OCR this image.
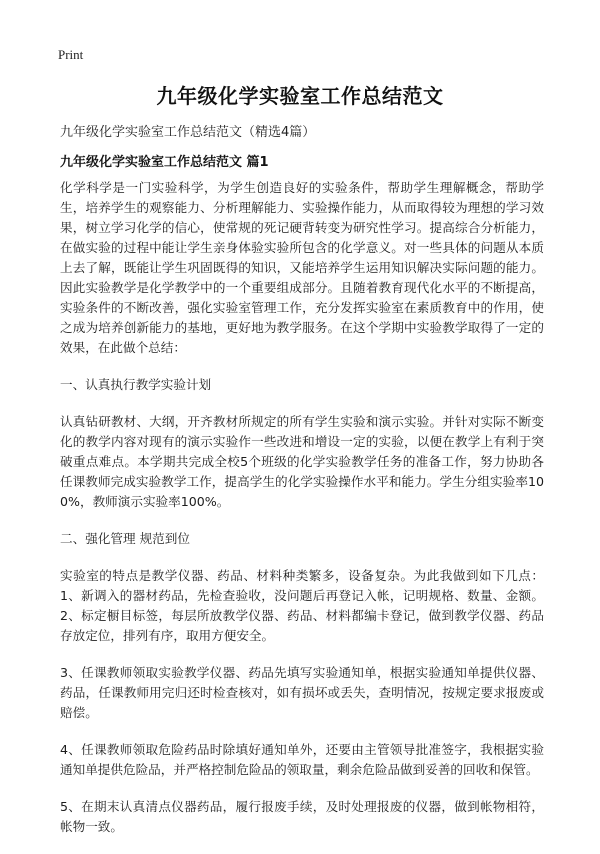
Print
九年级化学实验室工作总结范文

九年级化学实验室工作总结范文（精选4篇）

九年级化学实验室工作总结范文 篇1

化学科学是一门实验科学，为学生创造良好的实验条件，帮助学生理解概念，帮助学生，培养学生的观察能力、分析理解能力、实验操作能力，从而取得较为理想的学习效果，树立学习化学的信心，使常规的死记硬背转变为研究性学习。提高综合分析能力，在做实验的过程中能让学生亲身体验实验所包含的化学意义。对一些具体的问题从本质上去了解，既能让学生巩固既得的知识，又能培养学生运用知识解决实际问题的能力。因此实验教学是化学教学中的一个重要组成部分。且随着教育现代化水平的不断提高，实验条件的不断改善，强化实验室管理工作，充分发挥实验室在素质教育中的作用，使之成为培养创新能力的基地，更好地为教学服务。在这个学期中实验教学取得了一定的效果，在此做个总结：

一、认真执行教学实验计划

认真钻研教材、大纲，开齐教材所规定的所有学生实验和演示实验。并针对实际不断变化的教学内容对现有的演示实验作一些改进和增设一定的实验，以便在教学上有利于突破重点难点。本学期共完成全校5个班级的化学实验教学任务的准备工作，努力协助各任课教师完成实验教学工作，提高学生的化学实验操作水平和能力。学生分组实验率100%，教师演示实验率100%。

二、强化管理 规范到位

实验室的特点是教学仪器、药品、材料种类繁多，设备复杂。为此我做到如下几点：1、新调入的器材药品，先检查验收，没问题后再登记入帐，记明规格、数量、金额。 2、标定橱目标签，每层所放教学仪器、药品、材料都编卡登记，做到教学仪器、药品存放定位，排列有序，取用方便安全。

3、任课教师领取实验教学仪器、药品先填写实验通知单，根据实验通知单提供仪器、药品，任课教师用完归还时检查核对，如有损坏或丢失，查明情况，按规定要求报废或赔偿。

4、任课教师领取危险药品时除填好通知单外，还要由主管领导批准签字，我根据实验通知单提供危险品，并严格控制危险品的领取量，剩余危险品做到妥善的回收和保管。

5、在期末认真清点仪器药品，履行报废手续，及时处理报废的仪器，做到帐物相符，帐物一致。
